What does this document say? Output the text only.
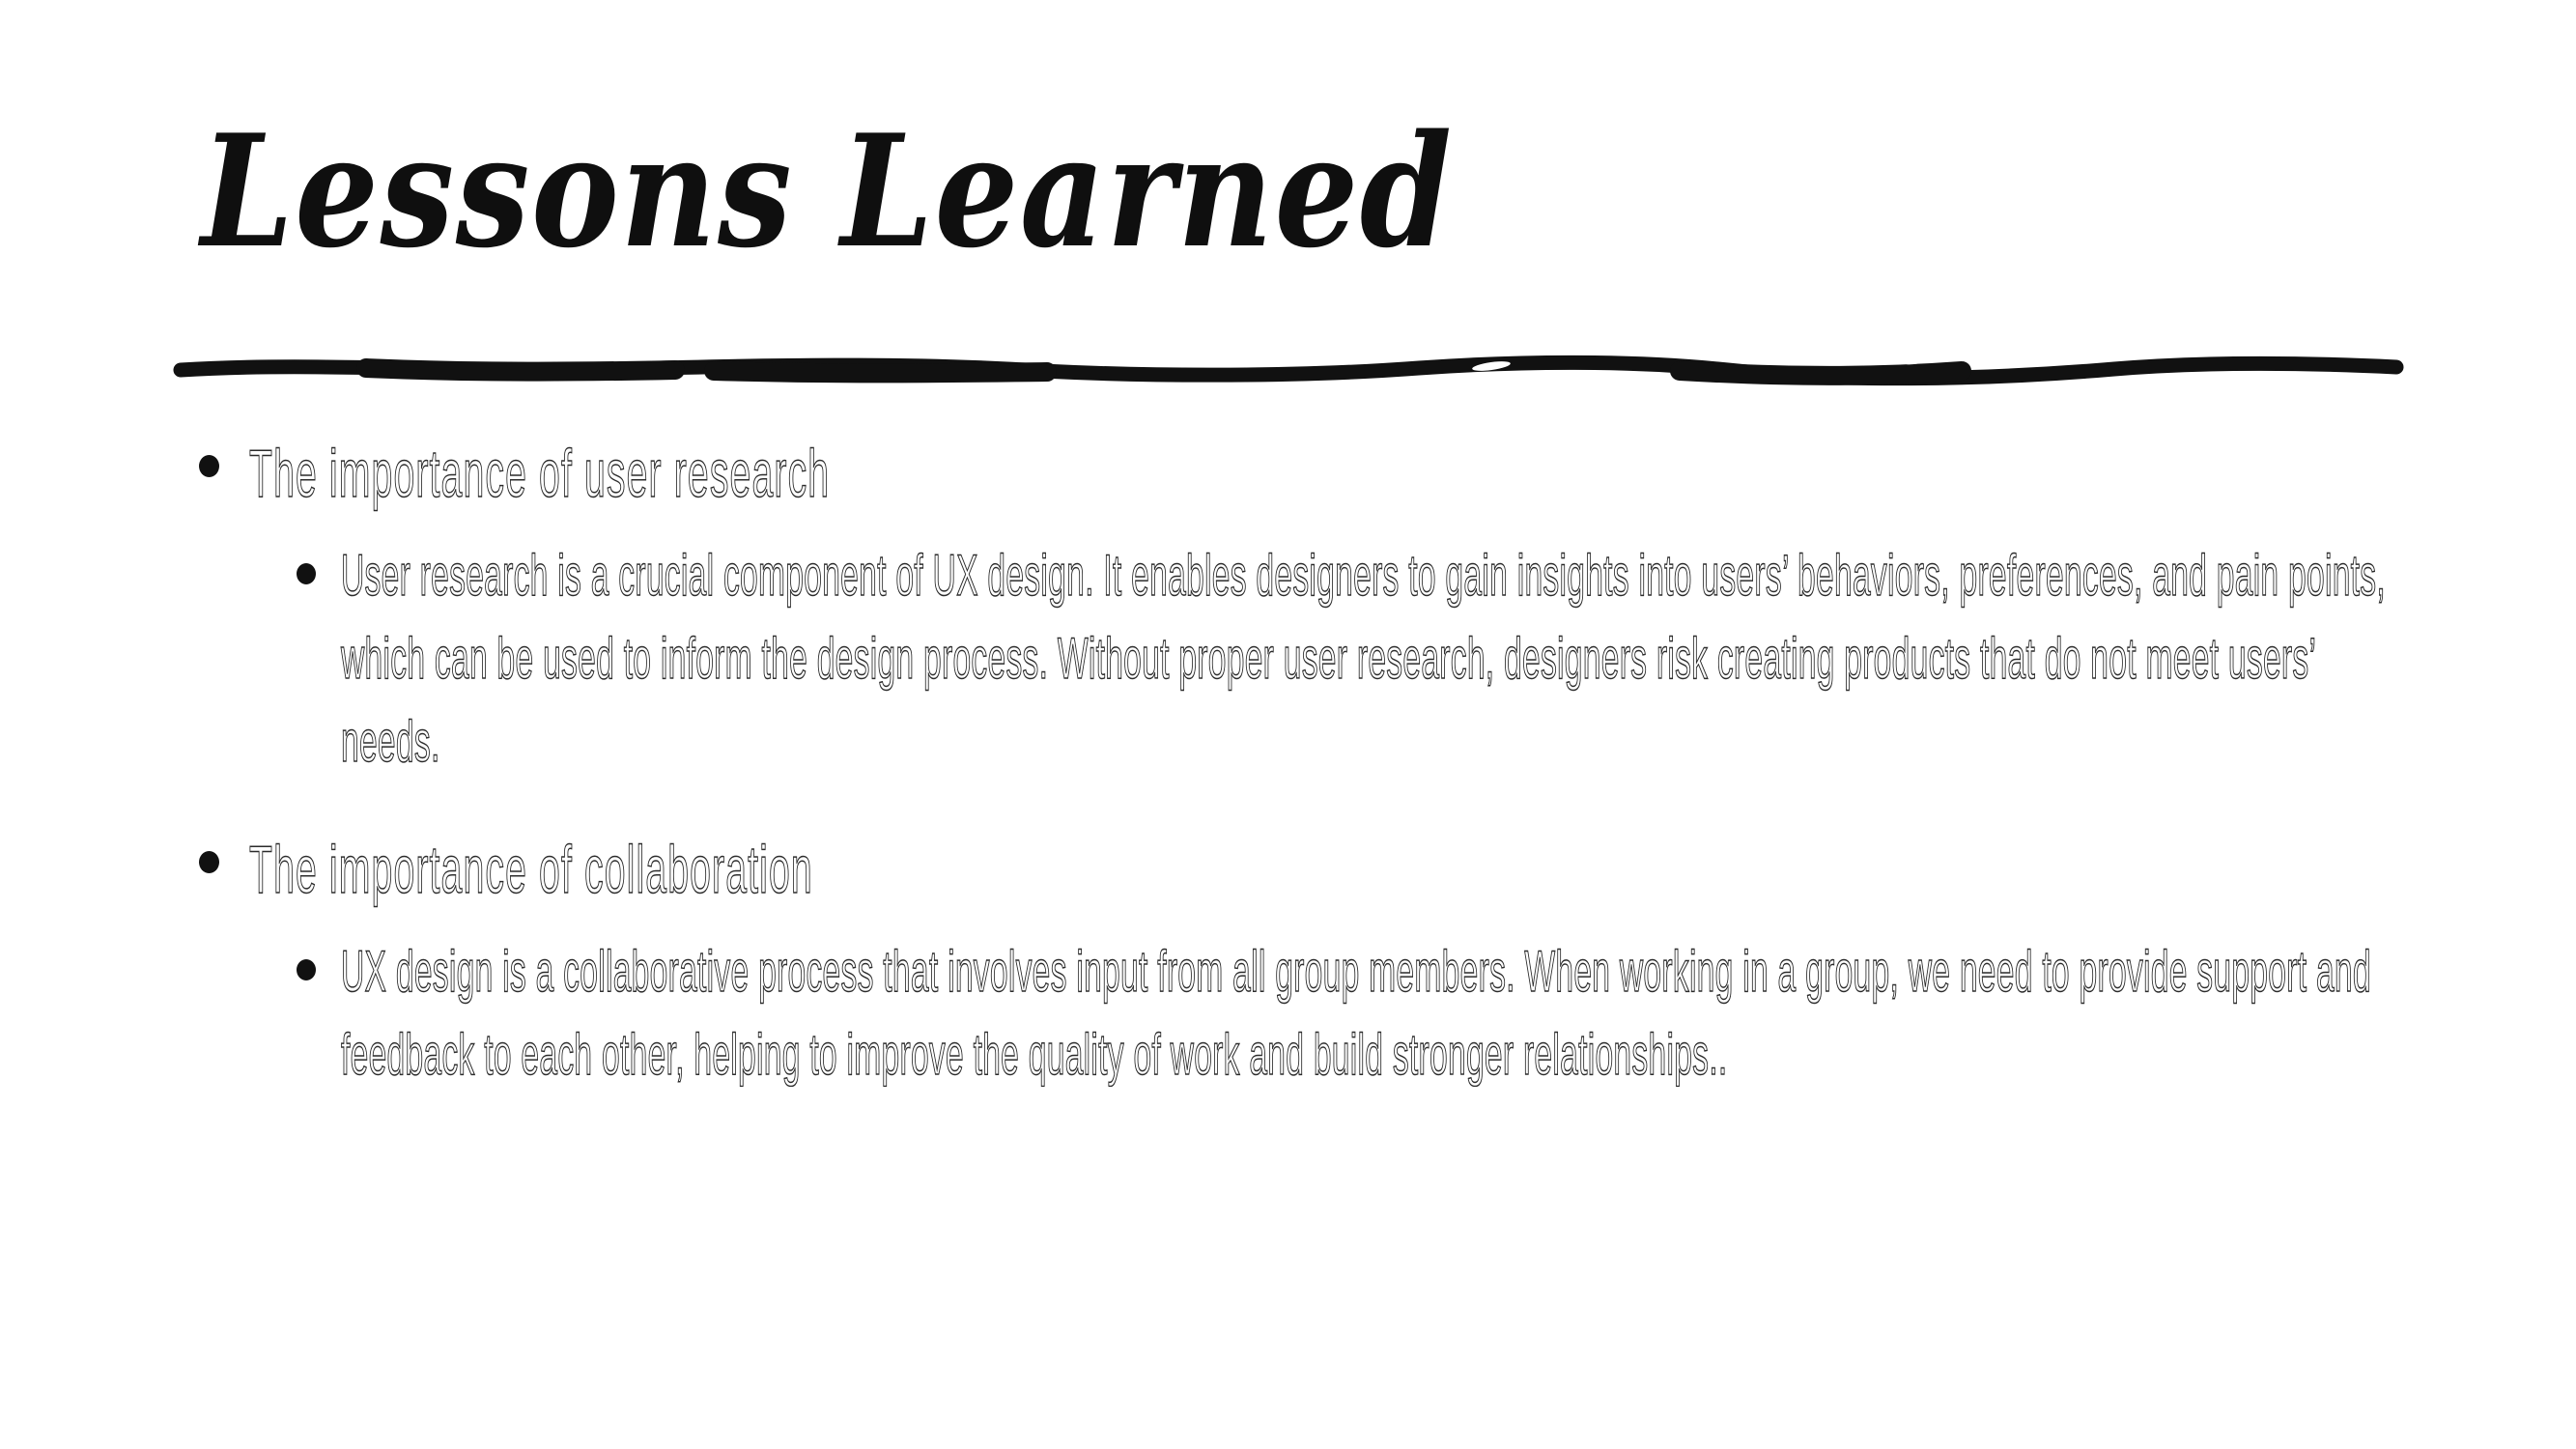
Lessons Learned
The importance of user research
User research is a crucial component of UX design. It enables designers to gain insights into users’ behaviors, preferences, and pain points, which can be used to inform the design process. Without proper user research, designers risk creating products that do not meet users’ needs.
The importance of collaboration
UX design is a collaborative process that involves input from all group members. When working in a group, we need to provide support and feedback to each other, helping to improve the quality of work and build stronger relationships..
